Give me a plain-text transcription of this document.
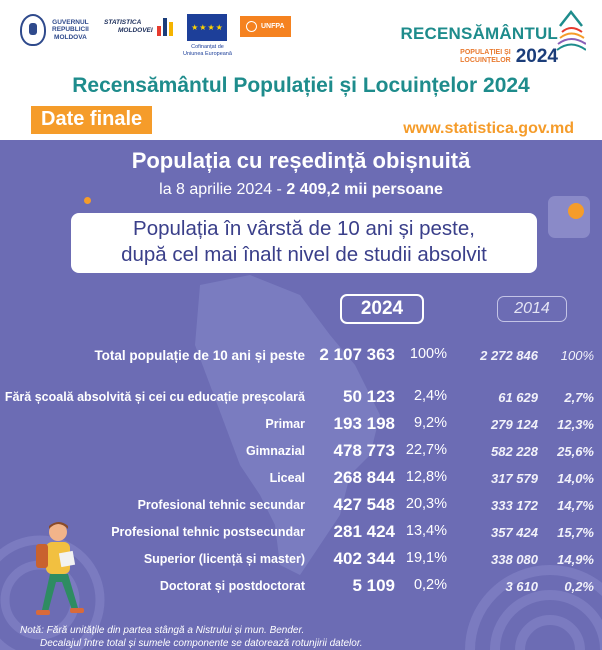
GUVERNUL
REPUBLICII
MOLDOVA
STATISTICA
MOLDOVEI	★★★★
Cofinanțat de
Uniunea Europeană
UNFPA	RECENSĂMÂNTUL
POPULAȚIEI ȘI
LOCUINȚELOR 2024
Recensământul Populației și Locuințelor 2024
Date finale	www.statistica.gov.md
Populația cu reședință obișnuită
la 8 aprilie 2024 - 2 409,2 mii persoane
Populația în vârstă de 10 ani și peste,
după cel mai înalt nivel de studii absolvit
2024	2014
Total populație de 10 ani și peste 2 107 363 100%	2 272 846 100%
Fără școală absolvită și cei cu educație preșcolară 50 123 2,4%	61 629 2,7%
Primar 193 198 9,2%	279 124 12,3%
Gimnazial 478 773 22,7%	582 228 25,6%
Liceal 268 844 12,8%	317 579 14,0%
Profesional tehnic secundar 427 548 20,3%	333 172 14,7%
Profesional tehnic postsecundar 281 424 13,4%	357 424 15,7%
Superior (licență și master) 402 344 19,1%	338 080 14,9%
Doctorat și postdoctorat	5 109 0,2%	3 610 0,2%
Notă: Fără unitățile din partea stângă a Nistrului și mun. Bender.
Decalajul între total și sumele componente se datorează rotunjirii datelor.
